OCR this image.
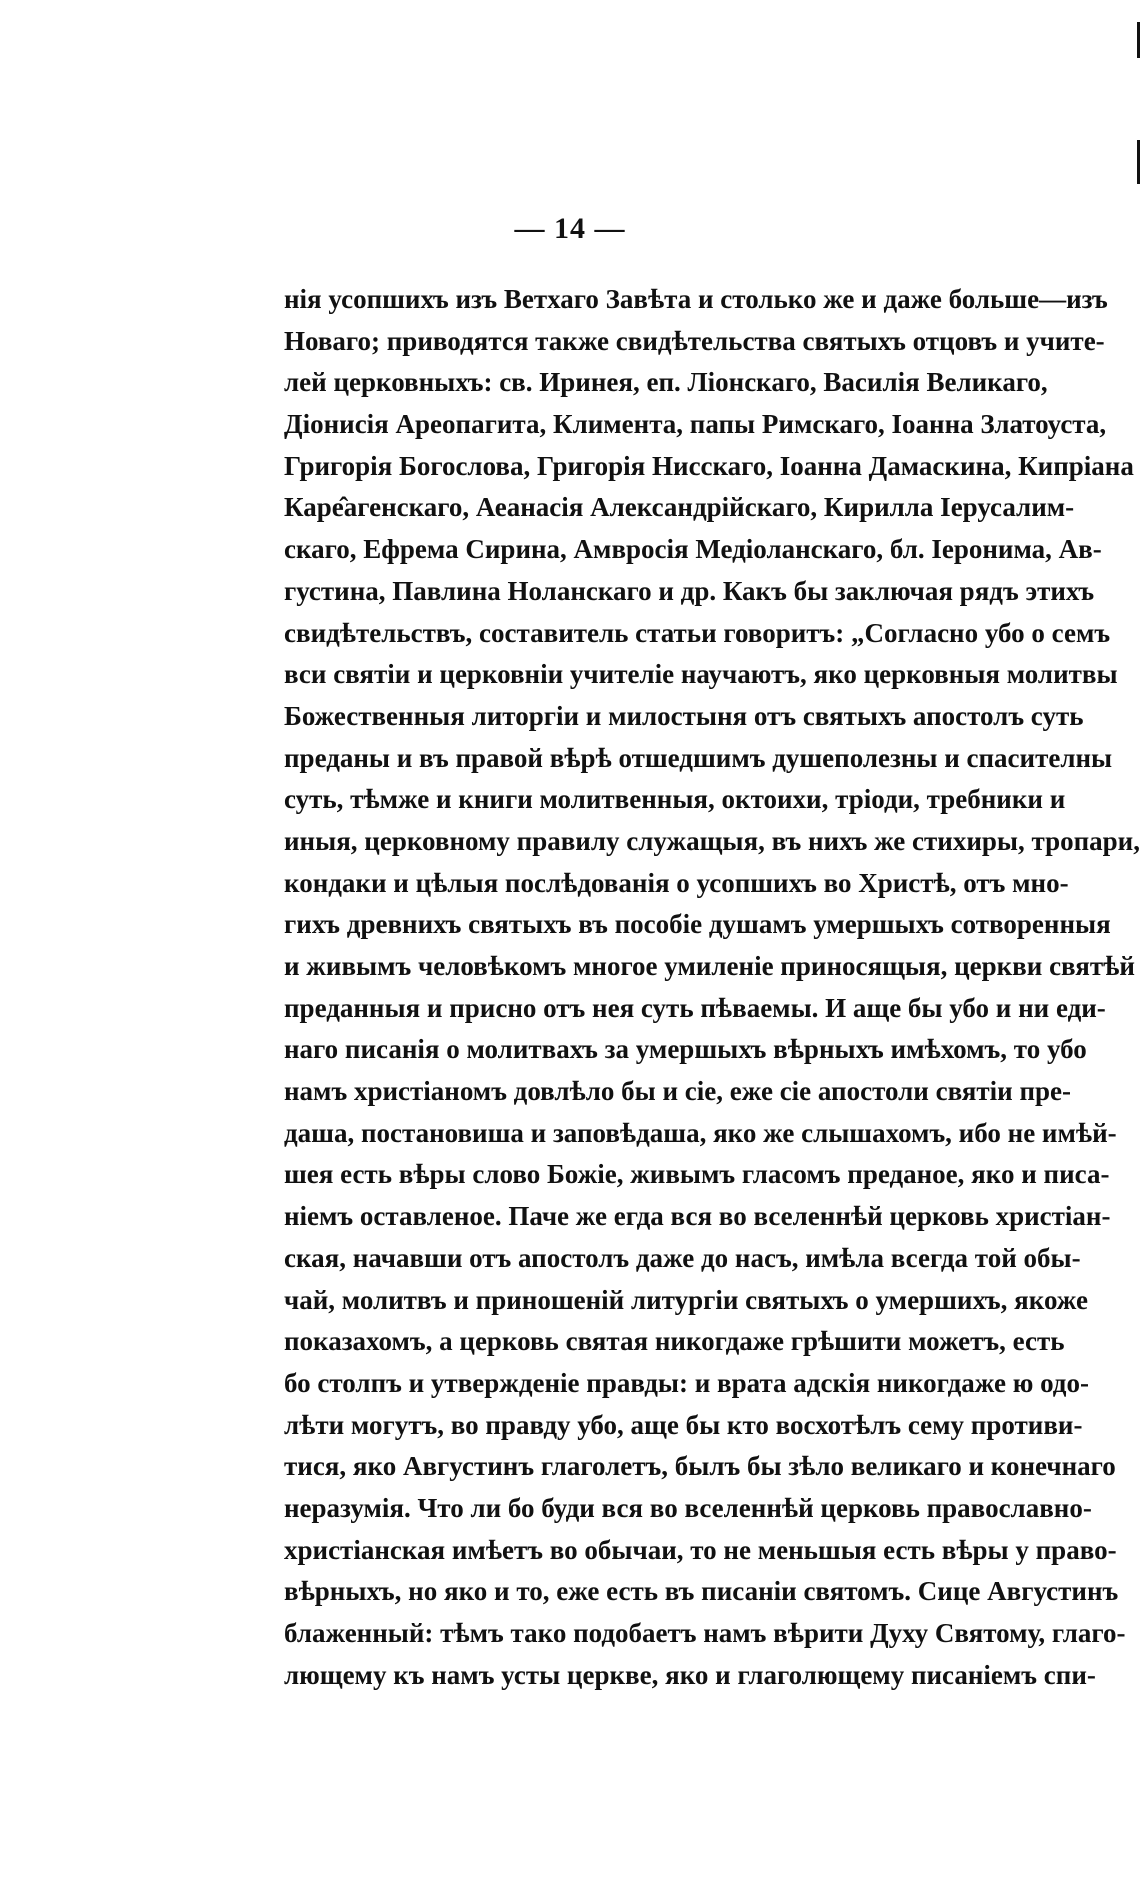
— 14 —
нія усопшихъ изъ Ветхаго Завѣта и столько же и даже больше—изъ
Новаго; приводятся также свидѣтельства святыхъ отцовъ и учите-
лей церковныхъ: св. Иринея, еп. Ліонскаго, Василія Великаго,
Діонисія Ареопагита, Климента, папы Римскаго, Іоанна Златоуста,
Григорія Богослова, Григорія Нисскаго, Іоанна Дамаскина, Кипріана
Каре̂агенскаго, Аеанасія Александрійскаго, Кирилла Іерусалим-
скаго, Ефрема Сирина, Амвросія Медіоланскаго, бл. Іеронима, Ав-
густина, Павлина Ноланскаго и др. Какъ бы заключая рядъ этихъ
свидѣтельствъ, составитель статьи говоритъ: „Согласно убо о семъ
вси святіи и церковніи учителіе научаютъ, яко церковныя молитвы
Божественныя литоргіи и милостыня отъ святыхъ апостолъ суть
преданы и въ правой вѣрѣ отшедшимъ душеполезны и спасителны
суть, тѣмже и книги молитвенныя, октоихи, тріоди, требники и
иныя, церковному правилу служащыя, въ нихъ же стихиры, тропари,
кондаки и цѣлыя послѣдованія о усопшихъ во Христѣ, отъ мно-
гихъ древнихъ святыхъ въ пособіе душамъ умершыхъ сотворенныя
и живымъ человѣкомъ многое умиленіе приносящыя, церкви святѣй
преданныя и присно отъ нея суть пѣваемы. И аще бы убо и ни еди-
наго писанія о молитвахъ за умершыхъ вѣрныхъ имѣхомъ, то убо
намъ христіаномъ довлѣло бы и сіе, еже сіе апостоли святіи пре-
даша, постановиша и заповѣдаша, яко же слышахомъ, ибо не имѣй-
шея есть вѣры слово Божіе, живымъ гласомъ преданое, яко и писа-
ніемъ оставленое. Паче же егда вся во вселеннѣй церковь христіан-
ская, начавши отъ апостолъ даже до насъ, имѣла всегда той обы-
чай, молитвъ и приношеній литургіи святыхъ о умершихъ, якоже
показахомъ, а церковь святая никогдаже грѣшити можетъ, есть
бо столпъ и утвержденіе правды: и врата адскія никогдаже ю одо-
лѣти могутъ, во правду убо, аще бы кто восхотѣлъ сему противи-
тися, яко Августинъ глаголетъ, былъ бы зѣло великаго и конечнаго
неразумія. Что ли бо буди вся во вселеннѣй церковь православно-
христіанская имѣетъ во обычаи, то не меньшыя есть вѣры у право-
вѣрныхъ, но яко и то, еже есть въ писаніи святомъ. Сице Августинъ
блаженный: тѣмъ тако подобаетъ намъ вѣрити Духу Святому, глаго-
лющему къ намъ усты церкве, яко и глаголющему писаніемъ спи-
